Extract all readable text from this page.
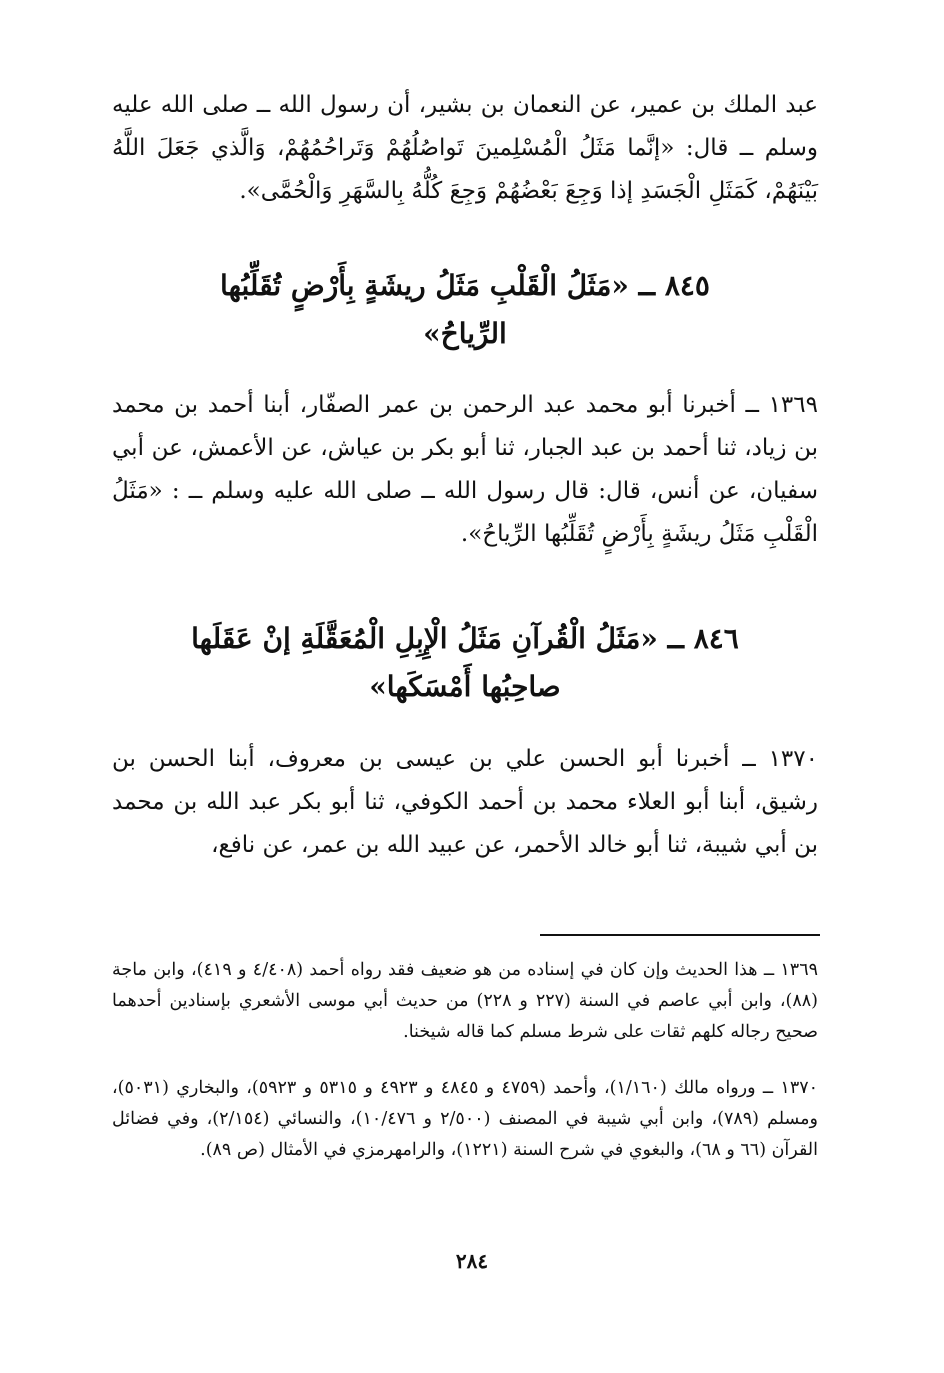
عبد الملك بن عمير، عن النعمان بن بشير، أن رسول الله ــ صلى الله عليه وسلم ــ قال: «إنَّما مَثَلُ الْمُسْلِمينَ تَواصُلُهُمْ وَتَراحُمُهُمْ، وَالَّذي جَعَلَ اللَّهُ بَيْنَهُمْ، كَمَثَلِ الْجَسَدِ إذا وَجِعَ بَعْضُهُمْ وَجِعَ كُلُّهُ بِالسَّهَرِ وَالْحُمَّى».

٨٤٥ ــ «مَثَلُ الْقَلْبِ مَثَلُ ريشَةٍ بِأَرْضٍ تُقَلِّبُها
الرِّياحُ»

١٣٦٩ ــ أخبرنا أبو محمد عبد الرحمن بن عمر الصفّار، أبنا أحمد بن محمد بن زياد، ثنا أحمد بن عبد الجبار، ثنا أبو بكر بن عياش، عن الأعمش، عن أبي سفيان، عن أنس، قال: قال رسول الله ــ صلى الله عليه وسلم ــ : «مَثَلُ الْقَلْبِ مَثَلُ ريشَةٍ بِأَرْضٍ تُقَلِّبُها الرِّياحُ».

٨٤٦ ــ «مَثَلُ الْقُرآنِ مَثَلُ الْإِبِلِ الْمُعَقَّلَةِ إنْ عَقَلَها
صاحِبُها أَمْسَكَها»

١٣٧٠ ــ أخبرنا أبو الحسن علي بن عيسى بن معروف، أبنا الحسن بن رشيق، أبنا أبو العلاء محمد بن أحمد الكوفي، ثنا أبو بكر عبد الله بن محمد بن أبي شيبة، ثنا أبو خالد الأحمر، عن عبيد الله بن عمر، عن نافع،

١٣٦٩ ــ هذا الحديث وإن كان في إسناده من هو ضعيف فقد رواه أحمد (٤/٤٠٨ و ٤١٩)، وابن ماجة (٨٨)، وابن أبي عاصم في السنة (٢٢٧ و ٢٢٨) من حديث أبي موسى الأشعري بإسنادين أحدهما صحيح رجاله كلهم ثقات على شرط مسلم كما قاله شيخنا.

١٣٧٠ ــ ورواه مالك (١/١٦٠)، وأحمد (٤٧٥٩ و ٤٨٤٥ و ٤٩٢٣ و ٥٣١٥ و ٥٩٢٣)، والبخاري (٥٠٣١)، ومسلم (٧٨٩)، وابن أبي شيبة في المصنف (٢/٥٠٠ و ١٠/٤٧٦)، والنسائي (٢/١٥٤)، وفي فضائل القرآن (٦٦ و ٦٨)، والبغوي في شرح السنة (١٢٢١)، والرامهرمزي في الأمثال (ص ٨٩).

٢٨٤
